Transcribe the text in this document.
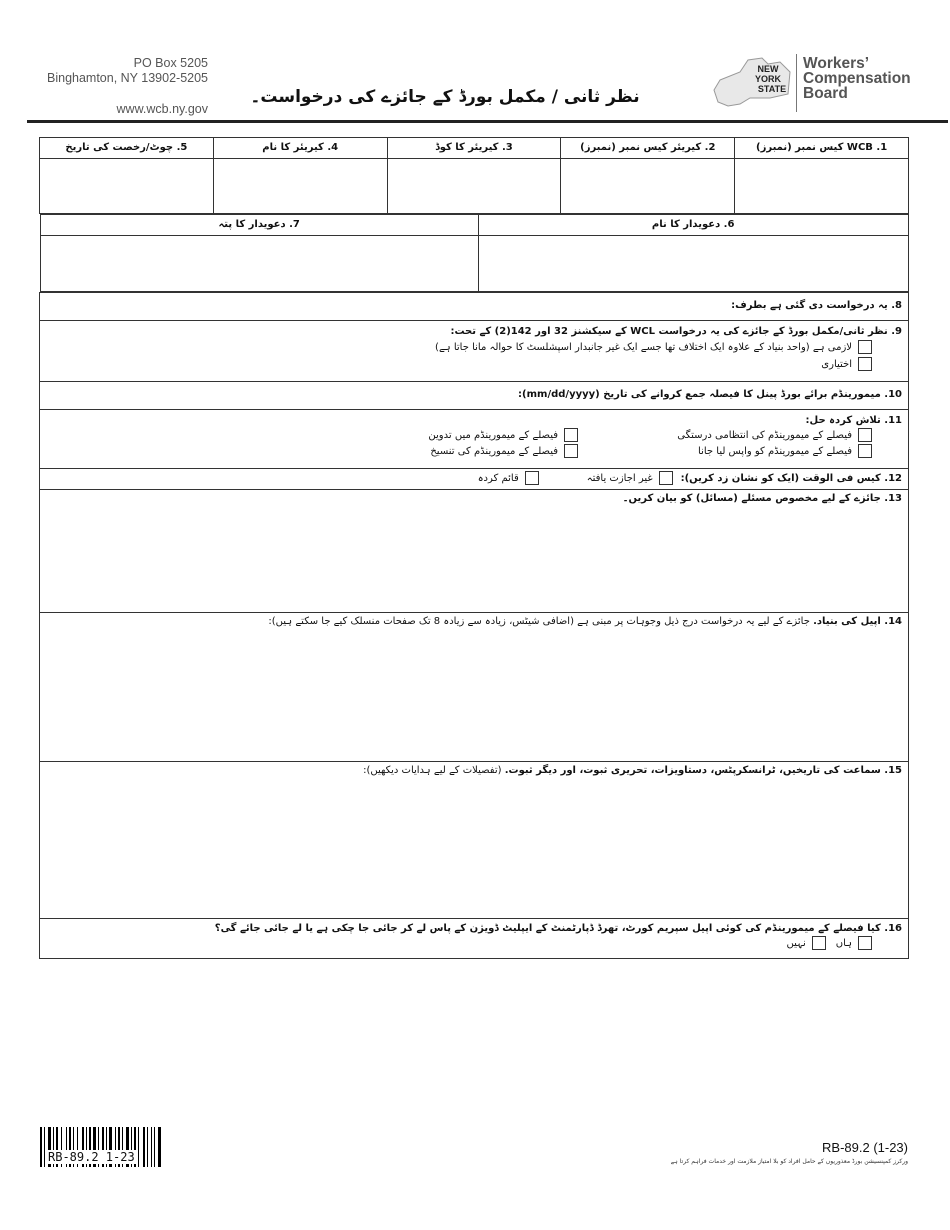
PO Box 5205
Binghamton, NY 13902-5205
www.wcb.ny.gov
نظر ثانی / مکمل بورڈ کے جائزے کی درخواست۔
NEW
YORK
STATE
Workers’
Compensation
Board
5. چوٹ/رخصت کی تاریخ	4. کیریئر کا نام	3. کیریئر کا کوڈ	2. کیریئر کیس نمبر (نمبرز)	1. WCB کیس نمبر (نمبرز)

7. دعویدار کا پتہ	6. دعویدار کا نام

8. یہ درخواست دی گئی ہے بطرف:

9. نظر ثانی/مکمل بورڈ کے جائزے کی یہ درخواست WCL کے سیکشنز 32 اور 142(2) کے تحت:
لازمی ہے (واحد بنیاد کے علاوہ ایک اختلاف تھا جسے ایک غیر جانبدار اسپشلسٹ کا حوالہ مانا جاتا ہے)
اختیاری

10. میمورینڈم برائے بورڈ پینل کا فیصلہ جمع کروانے کی تاریخ (mm/dd/yyyy):

11. تلاش کردہ حل:
فیصلے کے میمورینڈم کی انتظامی درستگی
فیصلے کے میمورینڈم کو واپس لیا جانا
فیصلے کے میمورینڈم میں تدوین
فیصلے کے میمورینڈم کی تنسیخ

12. کیس فی الوقت (ایک کو نشان زد کریں):
غیر اجازت یافتہ
قائم کردہ

13. جائزے کے لیے مخصوص مسئلے (مسائل) کو بیان کریں۔
14. اپیل کی بنیاد. جائزے کے لیے یہ درخواست درج ذیل وجوہات پر مبنی ہے (اضافی شیٹس، زیادہ سے زیادہ 8 تک صفحات منسلک کیے جا سکتے ہیں):
15. سماعت کی تاریخیں، ٹرانسکرپٹس، دستاویزات، تحریری ثبوت، اور دیگر ثبوت. (تفصیلات کے لیے ہدایات دیکھیں):

16. کیا فیصلے کے میمورینڈم کی کوئی اپیل سپریم کورٹ، تھرڈ ڈپارٹمنٹ کے ایپلیٹ ڈویژن کے پاس لے کر جائی جا چکی ہے یا لے جائی جائے گی؟
ہاں
نہیں
RB-89.2 1-23
RB-89.2 (1-23)
ورکرز کمپنسیشن بورڈ معذوریوں کے حامل افراد کو بلا امتیاز ملازمت اور خدمات فراہم کرتا ہے
